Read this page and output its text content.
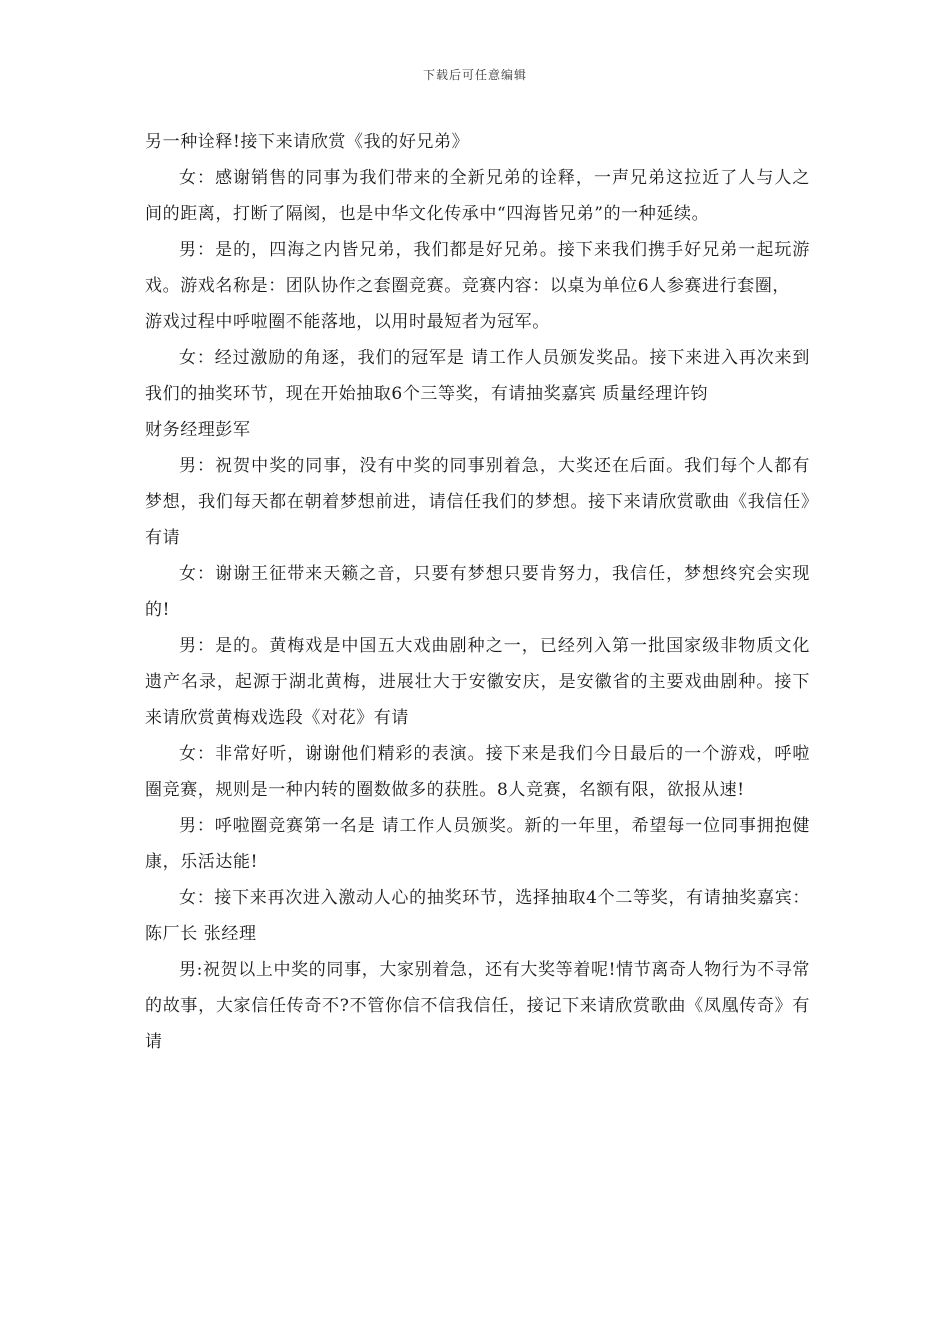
下载后可任意编辑

另一种诠释!接下来请欣赏《我的好兄弟》

女：感谢销售的同事为我们带来的全新兄弟的诠释，一声兄弟这拉近了人与人之间的距离，打断了隔阂，也是中华文化传承中“四海皆兄弟”的一种延续。

男：是的，四海之内皆兄弟，我们都是好兄弟。接下来我们携手好兄弟一起玩游戏。游戏名称是：团队协作之套圈竞赛。竞赛内容：以桌为单位6人参赛进行套圈，

游戏过程中呼啦圈不能落地，以用时最短者为冠军。

女：经过激励的角逐，我们的冠军是 请工作人员颁发奖品。接下来进入再次来到我们的抽奖环节，现在开始抽取6个三等奖，有请抽奖嘉宾 质量经理许钧

财务经理彭军

男：祝贺中奖的同事，没有中奖的同事别着急，大奖还在后面。我们每个人都有梦想，我们每天都在朝着梦想前进，请信任我们的梦想。接下来请欣赏歌曲《我信任》有请

女：谢谢王征带来天籁之音，只要有梦想只要肯努力，我信任，梦想终究会实现的!

男：是的。黄梅戏是中国五大戏曲剧种之一，已经列入第一批国家级非物质文化遗产名录，起源于湖北黄梅，进展壮大于安徽安庆，是安徽省的主要戏曲剧种。接下来请欣赏黄梅戏选段《对花》有请

女：非常好听，谢谢他们精彩的表演。接下来是我们今日最后的一个游戏，呼啦圈竞赛，规则是一种内转的圈数做多的获胜。8人竞赛，名额有限，欲报从速!

男：呼啦圈竞赛第一名是 请工作人员颁奖。新的一年里，希望每一位同事拥抱健康，乐活达能!

女：接下来再次进入激动人心的抽奖环节，选择抽取4个二等奖，有请抽奖嘉宾：陈厂长 张经理

男:祝贺以上中奖的同事，大家别着急，还有大奖等着呢!情节离奇人物行为不寻常的故事，大家信任传奇不?不管你信不信我信任，接记下来请欣赏歌曲《凤凰传奇》有请
